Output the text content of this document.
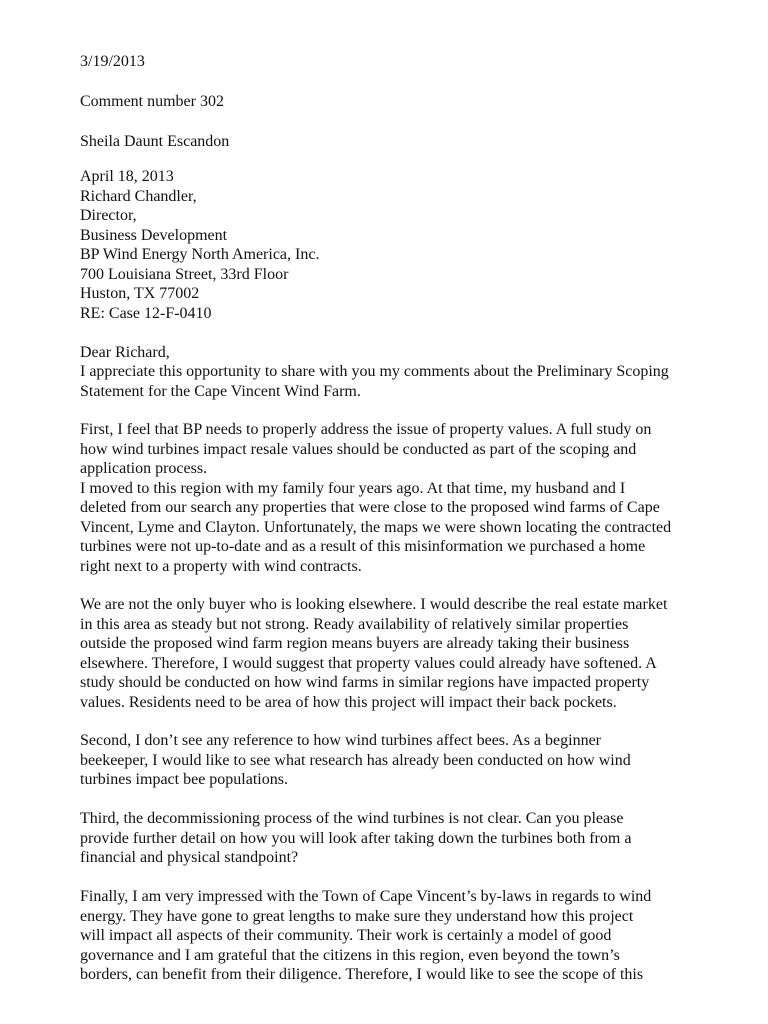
3/19/2013
Comment number 302
Sheila Daunt Escandon
April 18, 2013
Richard Chandler,
Director,
Business Development
BP Wind Energy North America, Inc.
700 Louisiana Street, 33rd Floor
Huston, TX 77002
RE: Case 12-F-0410
Dear Richard,
I appreciate this opportunity to share with you my comments about the Preliminary Scoping
Statement for the Cape Vincent Wind Farm.
First, I feel that BP needs to properly address the issue of property values. A full study on
how wind turbines impact resale values should be conducted as part of the scoping and
application process.
I moved to this region with my family four years ago. At that time, my husband and I
deleted from our search any properties that were close to the proposed wind farms of Cape
Vincent, Lyme and Clayton. Unfortunately, the maps we were shown locating the contracted
turbines were not up-to-date and as a result of this misinformation we purchased a home
right next to a property with wind contracts.
We are not the only buyer who is looking elsewhere. I would describe the real estate market
in this area as steady but not strong. Ready availability of relatively similar properties
outside the proposed wind farm region means buyers are already taking their business
elsewhere. Therefore, I would suggest that property values could already have softened. A
study should be conducted on how wind farms in similar regions have impacted property
values. Residents need to be area of how this project will impact their back pockets.
Second, I don’t see any reference to how wind turbines affect bees. As a beginner
beekeeper, I would like to see what research has already been conducted on how wind
turbines impact bee populations.
Third, the decommissioning process of the wind turbines is not clear. Can you please
provide further detail on how you will look after taking down the turbines both from a
financial and physical standpoint?
Finally, I am very impressed with the Town of Cape Vincent’s by-laws in regards to wind
energy. They have gone to great lengths to make sure they understand how this project
will impact all aspects of their community. Their work is certainly a model of good
governance and I am grateful that the citizens in this region, even beyond the town’s
borders, can benefit from their diligence. Therefore, I would like to see the scope of this
